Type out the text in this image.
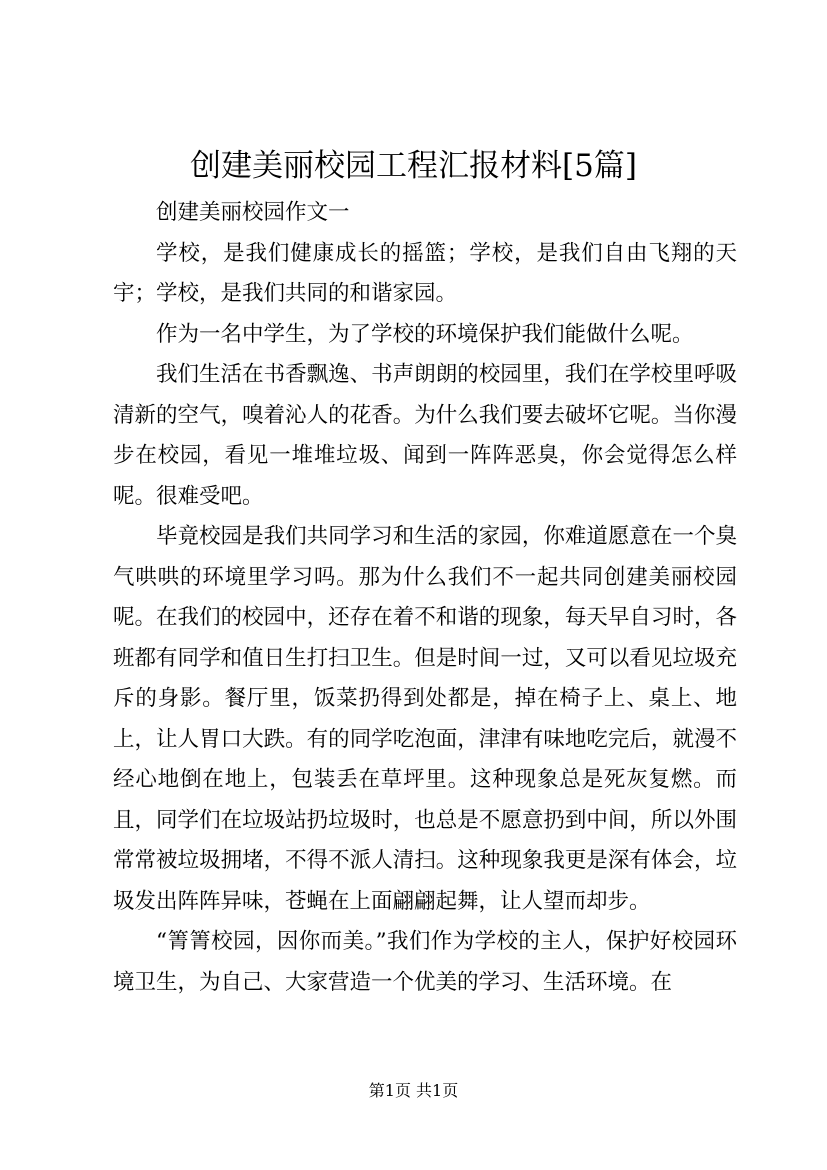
创建美丽校园工程汇报材料[5篇]

创建美丽校园作文一

学校，是我们健康成长的摇篮；学校，是我们自由飞翔的天宇；学校，是我们共同的和谐家园。

作为一名中学生，为了学校的环境保护我们能做什么呢。

我们生活在书香飘逸、书声朗朗的校园里，我们在学校里呼吸清新的空气，嗅着沁人的花香。为什么我们要去破坏它呢。当你漫步在校园，看见一堆堆垃圾、闻到一阵阵恶臭，你会觉得怎么样呢。很难受吧。

毕竟校园是我们共同学习和生活的家园，你难道愿意在一个臭气哄哄的环境里学习吗。那为什么我们不一起共同创建美丽校园呢。在我们的校园中，还存在着不和谐的现象，每天早自习时，各班都有同学和值日生打扫卫生。但是时间一过，又可以看见垃圾充斥的身影。餐厅里，饭菜扔得到处都是，掉在椅子上、桌上、地上，让人胃口大跌。有的同学吃泡面，津津有味地吃完后，就漫不经心地倒在地上，包装丢在草坪里。这种现象总是死灰复燃。而且，同学们在垃圾站扔垃圾时，也总是不愿意扔到中间，所以外围常常被垃圾拥堵，不得不派人清扫。这种现象我更是深有体会，垃圾发出阵阵异味，苍蝇在上面翩翩起舞，让人望而却步。

“箐箐校园，因你而美。”我们作为学校的主人，保护好校园环境卫生，为自己、大家营造一个优美的学习、生活环境。在

第1页 共1页
